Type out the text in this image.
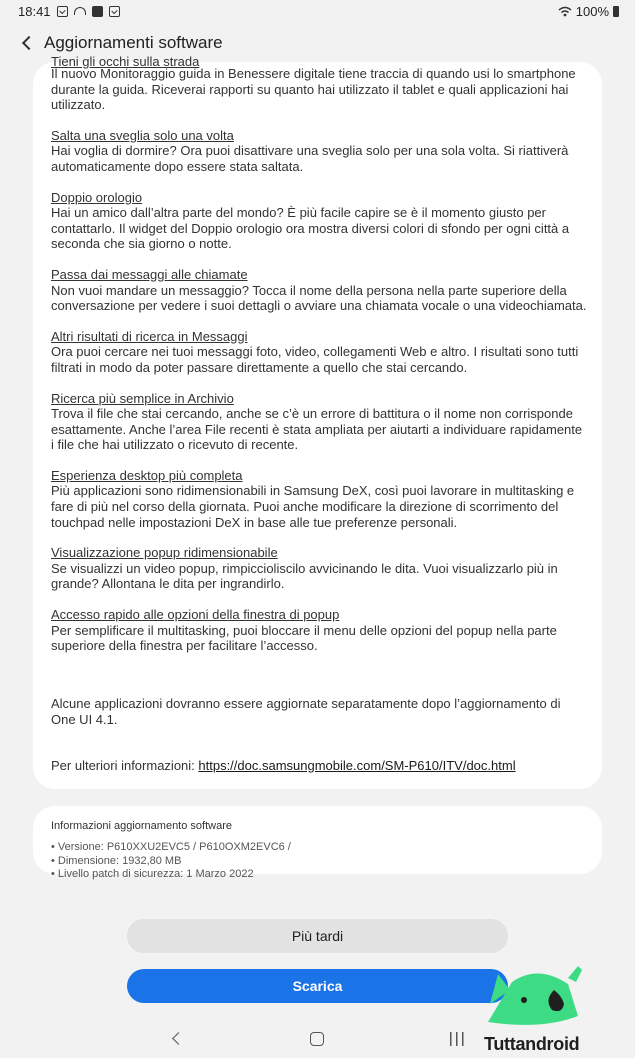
18:41	100%
Aggiornamenti software
Tieni gli occhi sulla strada

Il nuovo Monitoraggio guida in Benessere digitale tiene traccia di quando usi lo smartphone durante la guida. Riceverai rapporti su quanto hai utilizzato il tablet e quali applicazioni hai utilizzato.

Salta una sveglia solo una volta

Hai voglia di dormire? Ora puoi disattivare una sveglia solo per una sola volta. Si riattiverà automaticamente dopo essere stata saltata.

Doppio orologio

Hai un amico dall’altra parte del mondo? È più facile capire se è il momento giusto per contattarlo. Il widget del Doppio orologio ora mostra diversi colori di sfondo per ogni città a seconda che sia giorno o notte.

Passa dai messaggi alle chiamate

Non vuoi mandare un messaggio? Tocca il nome della persona nella parte superiore della conversazione per vedere i suoi dettagli o avviare una chiamata vocale o una videochiamata.

Altri risultati di ricerca in Messaggi

Ora puoi cercare nei tuoi messaggi foto, video, collegamenti Web e altro. I risultati sono tutti filtrati in modo da poter passare direttamente a quello che stai cercando.

Ricerca più semplice in Archivio

Trova il file che stai cercando, anche se c’è un errore di battitura o il nome non corrisponde esattamente. Anche l’area File recenti è stata ampliata per aiutarti a individuare rapidamente i file che hai utilizzato o ricevuto di recente.

Esperienza desktop più completa

Più applicazioni sono ridimensionabili in Samsung DeX, così puoi lavorare in multitasking e fare di più nel corso della giornata. Puoi anche modificare la direzione di scorrimento del touchpad nelle impostazioni DeX in base alle tue preferenze personali.

Visualizzazione popup ridimensionabile

Se visualizzi un video popup, rimpiccioliscilo avvicinando le dita. Vuoi visualizzarlo più in grande? Allontana le dita per ingrandirlo.

Accesso rapido alle opzioni della finestra di popup

Per semplificare il multitasking, puoi bloccare il menu delle opzioni del popup nella parte superiore della finestra per facilitare l’accesso.

Alcune applicazioni dovranno essere aggiornate separatamente dopo l’aggiornamento di One UI 4.1.

Per ulteriori informazioni: https://doc.samsungmobile.com/SM-P610/ITV/doc.html

Informazioni aggiornamento software
• Versione: P610XXU2EVC5 / P610OXM2EVC6 /
• Dimensione: 1932,80 MB
• Livello patch di sicurezza: 1 Marzo 2022
Più tardi
Scarica
Tuttandroid
